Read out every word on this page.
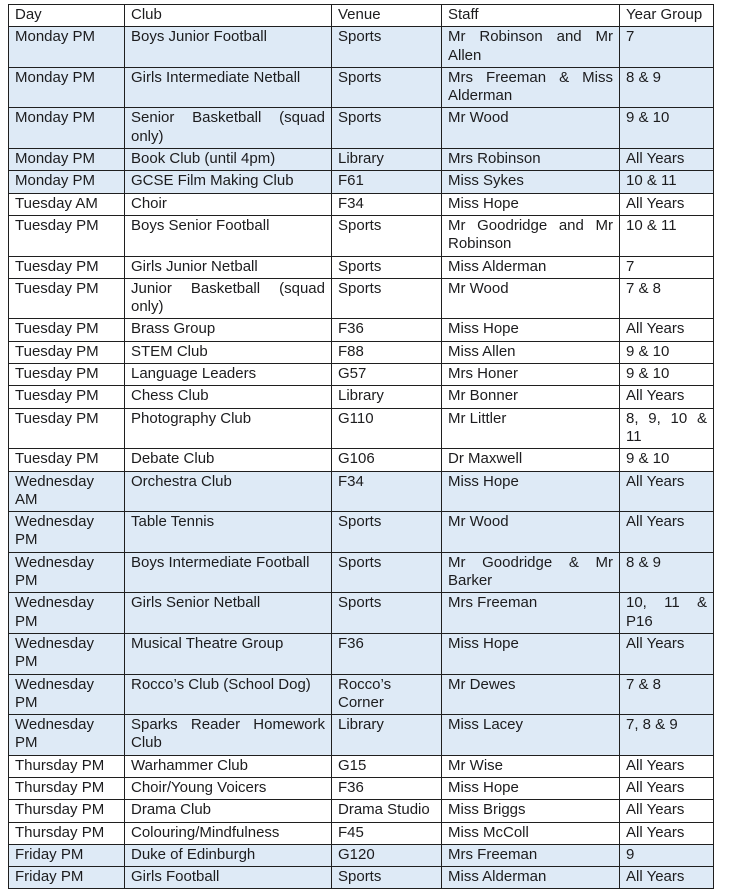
Day	Club	Venue	Staff	Year Group
Monday PM	Boys Junior Football	Sports	Mr Robinson and Mr Allen	7
Monday PM	Girls Intermediate Netball	Sports	Mrs Freeman & Miss Alderman	8 & 9
Monday PM	Senior Basketball (squad only)	Sports	Mr Wood	9 & 10
Monday PM	Book Club (until 4pm)	Library	Mrs Robinson	All Years
Monday PM	GCSE Film Making Club	F61	Miss Sykes	10 & 11
Tuesday AM	Choir	F34	Miss Hope	All Years
Tuesday PM	Boys Senior Football	Sports	Mr Goodridge and Mr Robinson	10 & 11
Tuesday PM	Girls Junior Netball	Sports	Miss Alderman	7
Tuesday PM	Junior Basketball (squad only)	Sports	Mr Wood	7 & 8
Tuesday PM	Brass Group	F36	Miss Hope	All Years
Tuesday PM	STEM Club	F88	Miss Allen	9 & 10
Tuesday PM	Language Leaders	G57	Mrs Honer	9 & 10
Tuesday PM	Chess Club	Library	Mr Bonner	All Years
Tuesday PM	Photography Club	G110	Mr Littler	8, 9, 10 & 11
Tuesday PM	Debate Club	G106	Dr Maxwell	9 & 10
Wednesday AM	Orchestra Club	F34	Miss Hope	All Years
Wednesday PM	Table Tennis	Sports	Mr Wood	All Years
Wednesday PM	Boys Intermediate Football	Sports	Mr Goodridge & Mr Barker	8 & 9
Wednesday PM	Girls Senior Netball	Sports	Mrs Freeman	10, 11 & P16
Wednesday PM	Musical Theatre Group	F36	Miss Hope	All Years
Wednesday PM	Rocco’s Club (School Dog)	Rocco’s Corner	Mr Dewes	7 & 8
Wednesday PM	Sparks Reader Homework Club	Library	Miss Lacey	7, 8 & 9
Thursday PM	Warhammer Club	G15	Mr Wise	All Years
Thursday PM	Choir/Young Voicers	F36	Miss Hope	All Years
Thursday PM	Drama Club	Drama Studio	Miss Briggs	All Years
Thursday PM	Colouring/Mindfulness	F45	Miss McColl	All Years
Friday PM	Duke of Edinburgh	G120	Mrs Freeman	9
Friday PM	Girls Football	Sports	Miss Alderman	All Years
